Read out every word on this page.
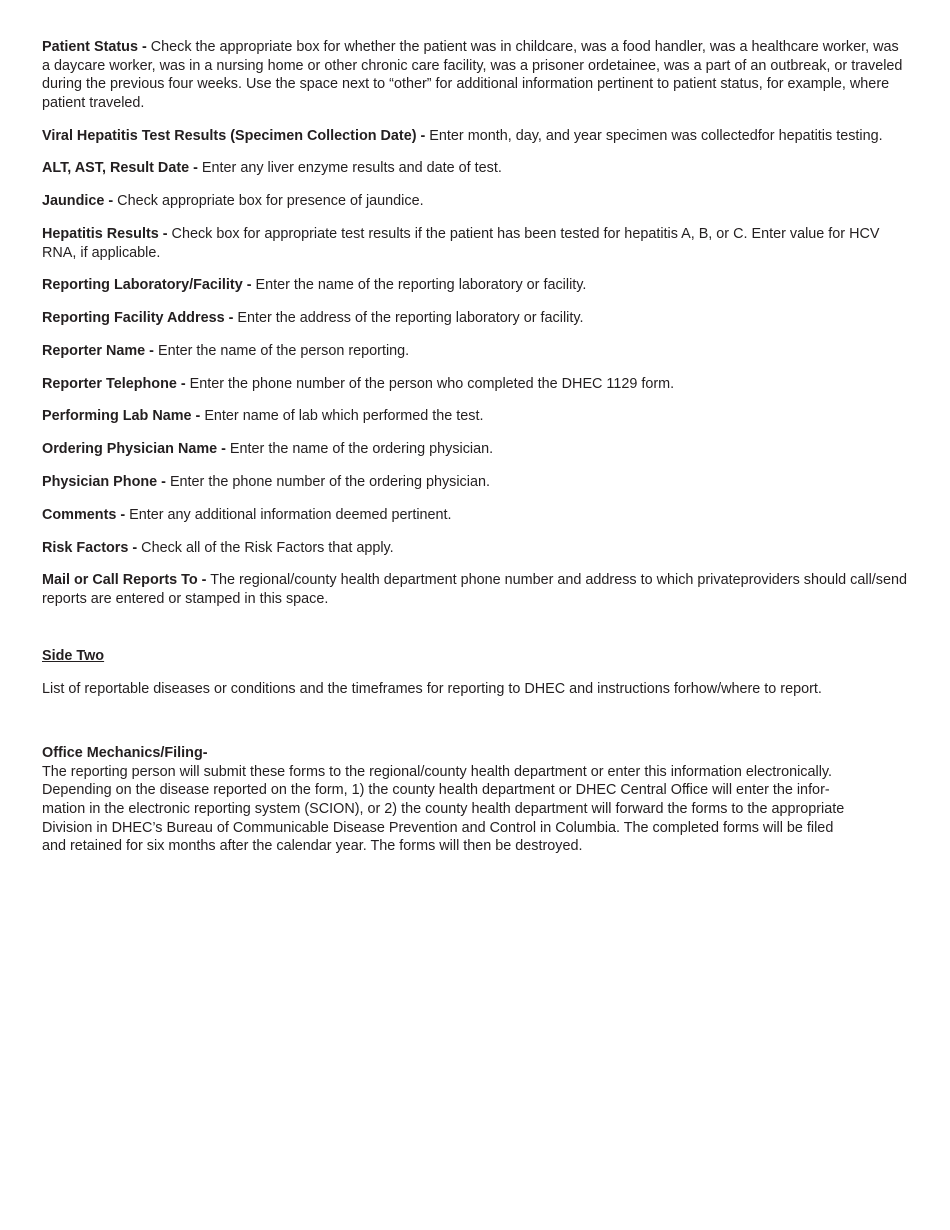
Patient Status - Check the appropriate box for whether the patient was in childcare, was a food handler, was a healthcare worker, was a daycare worker, was in a nursing home or other chronic care facility, was a prisoner ordetainee, was a part of an outbreak, or traveled during the previous four weeks. Use the space next to “other” for additional information pertinent to patient status, for example, where patient traveled.

Viral Hepatitis Test Results (Specimen Collection Date) - Enter month, day, and year specimen was collectedfor hepatitis testing.

ALT, AST, Result Date - Enter any liver enzyme results and date of test.

Jaundice - Check appropriate box for presence of jaundice.

Hepatitis Results - Check box for appropriate test results if the patient has been tested for hepatitis A, B, or C. Enter value for HCV RNA, if applicable.

Reporting Laboratory/Facility - Enter the name of the reporting laboratory or facility.

Reporting Facility Address - Enter the address of the reporting laboratory or facility.

Reporter Name - Enter the name of the person reporting.

Reporter Telephone - Enter the phone number of the person who completed the DHEC 1129 form.

Performing Lab Name - Enter name of lab which performed the test.

Ordering Physician Name - Enter the name of the ordering physician.

Physician Phone - Enter the phone number of the ordering physician.

Comments - Enter any additional information deemed pertinent.

Risk Factors - Check all of the Risk Factors that apply.

Mail or Call Reports To - The regional/county health department phone number and address to which privateproviders should call/send reports are entered or stamped in this space.

Side Two

List of reportable diseases or conditions and the timeframes for reporting to DHEC and instructions forhow/where to report.

Office Mechanics/Filing-

The reporting person will submit these forms to the regional/county health department or enter this information electronically.
Depending on the disease reported on the form, 1) the county health department or DHEC Central Office will enter the infor-
mation in the electronic reporting system (SCION), or 2) the county health department will forward the forms to the appropriate
Division in DHEC’s Bureau of Communicable Disease Prevention and Control in Columbia. The completed forms will be filed
and retained for six months after the calendar year. The forms will then be destroyed.
